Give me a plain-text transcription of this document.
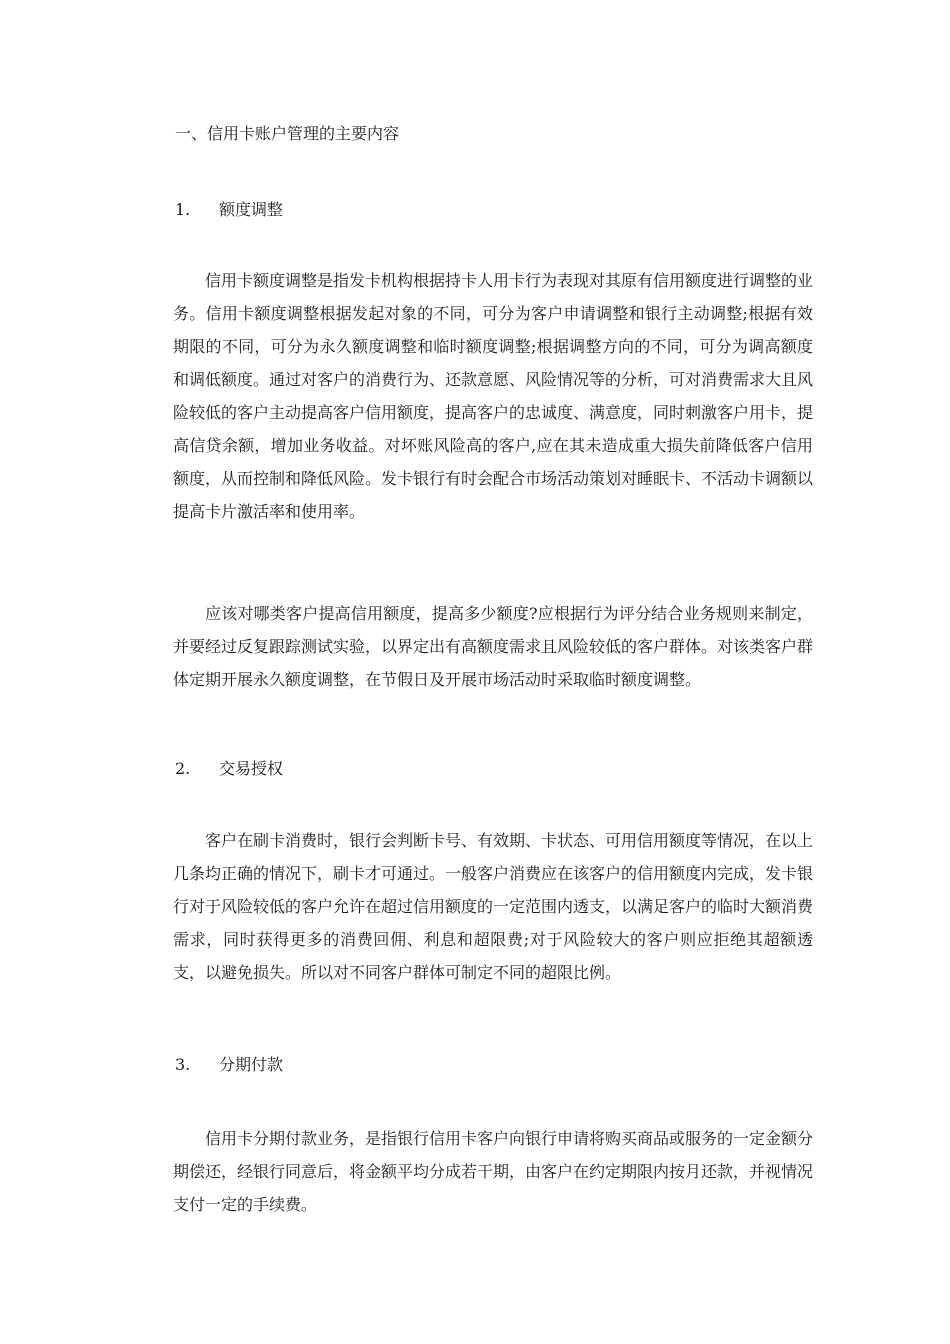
一、信用卡账户管理的主要内容
1. 额度调整

信用卡额度调整是指发卡机构根据持卡人用卡行为表现对其原有信用额度进行调整的业务。信用卡额度调整根据发起对象的不同，可分为客户申请调整和银行主动调整;根据有效期限的不同，可分为永久额度调整和临时额度调整;根据调整方向的不同，可分为调高额度和调低额度。通过对客户的消费行为、还款意愿、风险情况等的分析，可对消费需求大且风险较低的客户主动提高客户信用额度，提高客户的忠诚度、满意度，同时刺激客户用卡，提高信贷余额，增加业务收益。对坏账风险高的客户,应在其未造成重大损失前降低客户信用额度，从而控制和降低风险。发卡银行有时会配合市场活动策划对睡眠卡、不活动卡调额以提高卡片激活率和使用率。

应该对哪类客户提高信用额度，提高多少额度?应根据行为评分结合业务规则来制定，并要经过反复跟踪测试实验，以界定出有高额度需求且风险较低的客户群体。对该类客户群体定期开展永久额度调整，在节假日及开展市场活动时采取临时额度调整。

2. 交易授权

客户在刷卡消费时，银行会判断卡号、有效期、卡状态、可用信用额度等情况，在以上几条均正确的情况下，刷卡才可通过。一般客户消费应在该客户的信用额度内完成，发卡银行对于风险较低的客户允许在超过信用额度的一定范围内透支，以满足客户的临时大额消费需求，同时获得更多的消费回佣、利息和超限费;对于风险较大的客户则应拒绝其超额透支，以避免损失。所以对不同客户群体可制定不同的超限比例。

3. 分期付款

信用卡分期付款业务，是指银行信用卡客户向银行申请将购买商品或服务的一定金额分期偿还，经银行同意后，将金额平均分成若干期，由客户在约定期限内按月还款，并视情况支付一定的手续费。
